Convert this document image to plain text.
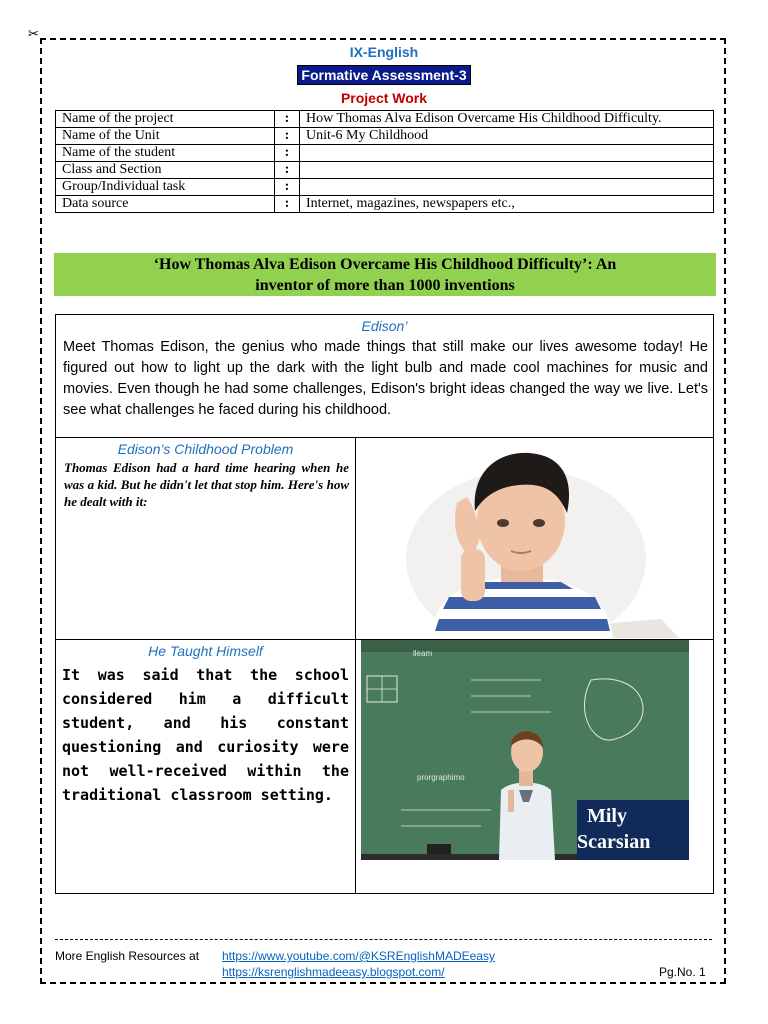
✂
IX-English
Formative Assessment-3
Project Work
Name of the project	:	How Thomas Alva Edison Overcame His Childhood Difficulty.
Name of the Unit	:	Unit-6 My Childhood
Name of the student	:	
Class and Section	:	
Group/Individual task	:	
Data source	:	Internet, magazines, newspapers etc.,
‘How Thomas Alva Edison Overcame His Childhood Difficulty’: An
inventor of more than 1000 inventions
Edison’
Meet Thomas Edison, the genius who made things that still make our lives awesome today! He figured out how to light up the dark with the light bulb and made cool machines for music and movies. Even though he had some challenges, Edison's bright ideas changed the way we live. Let's see what challenges he faced during his childhood.
Edison’s Childhood Problem
Thomas Edison had a hard time hearing when he was a kid. But he didn't let that stop him. Here's how he dealt with it:
He Taught Himself
It was said that the school considered him a difficult student, and his constant questioning and curiosity were not well-received within the traditional classroom setting.
lleam
prorgraphimo
Mily
Scarsian
More English Resources at https://www.youtube.com/@KSREnglishMADEeasy
https://ksrenglishmadeeasy.blogspot.com/	Pg.No. 1
